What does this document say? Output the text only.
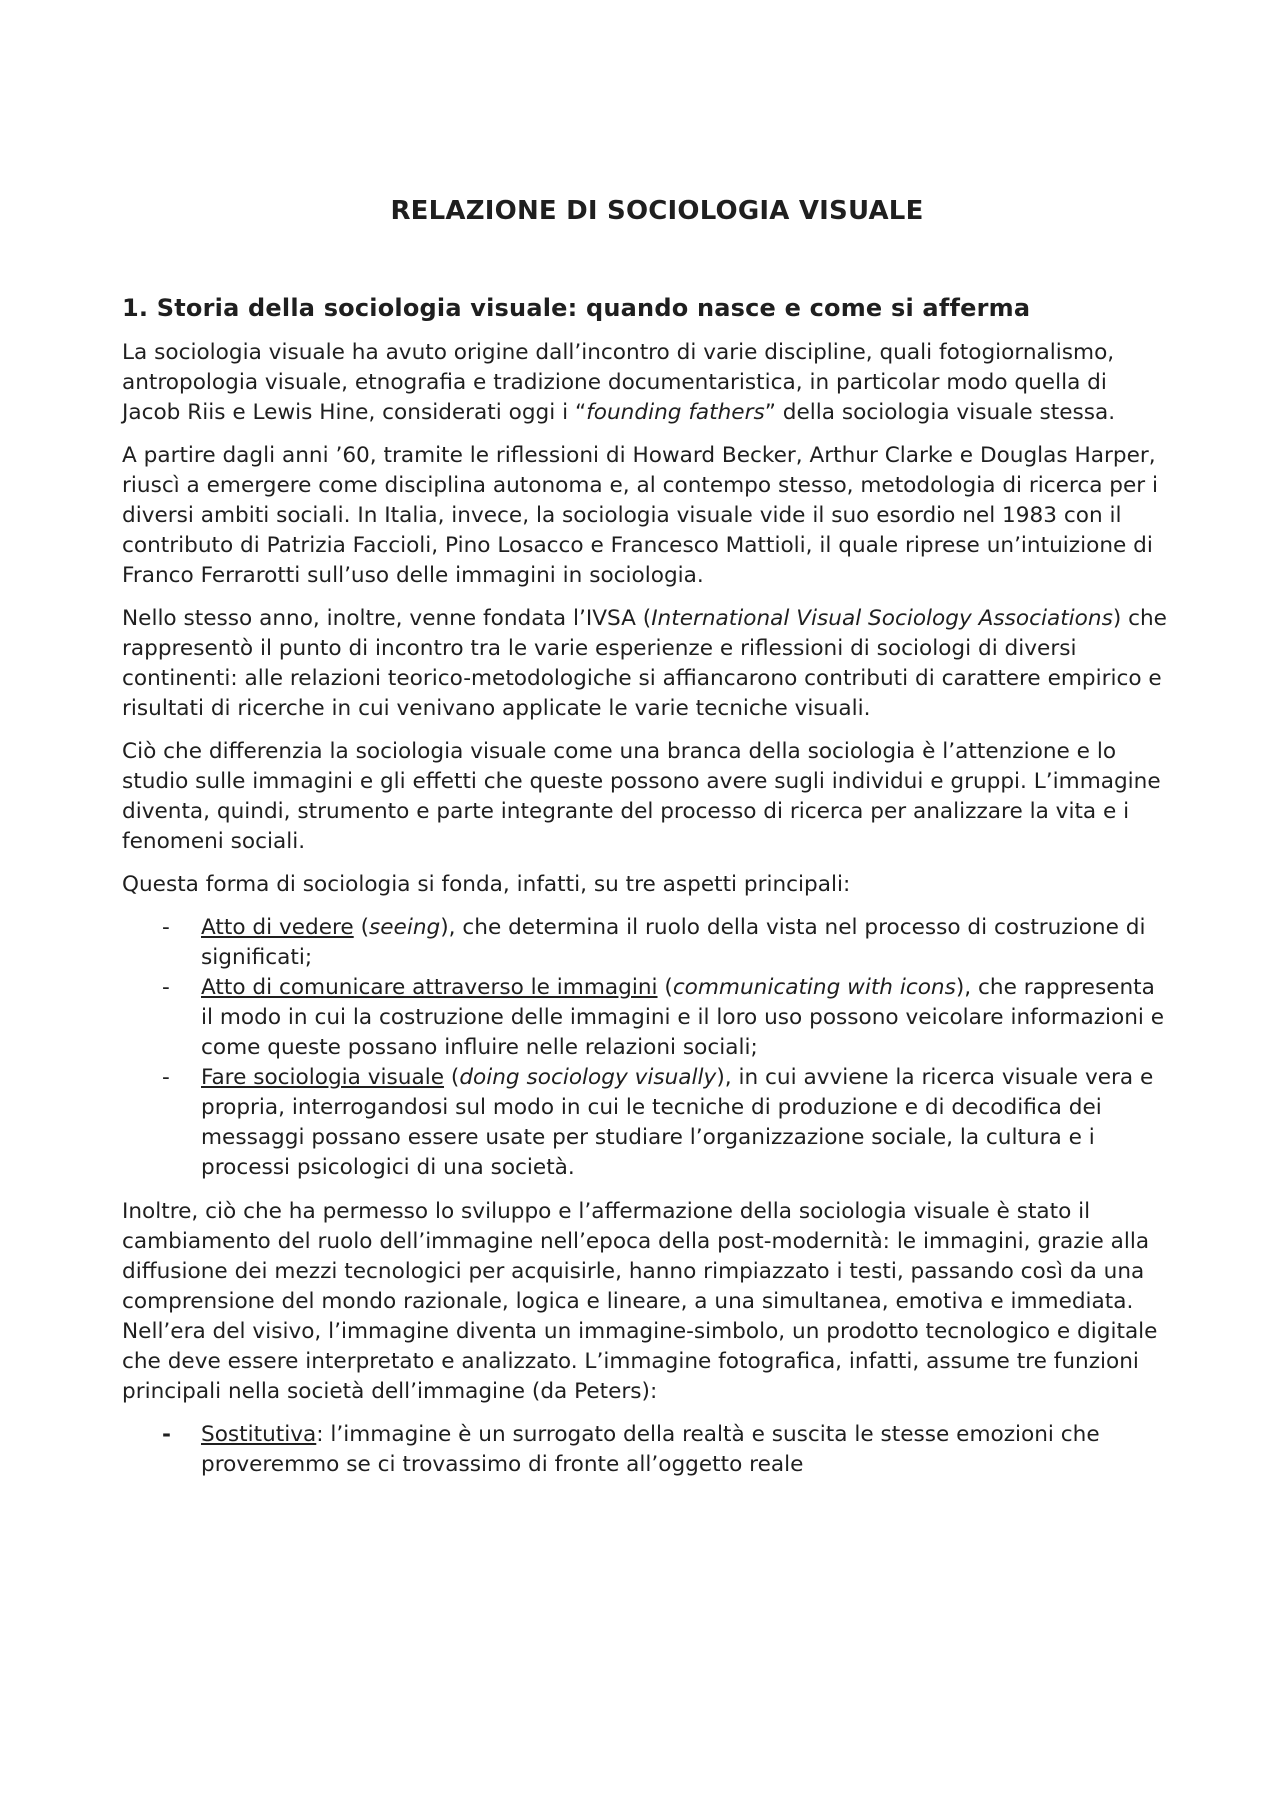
RELAZIONE DI SOCIOLOGIA VISUALE
1. Storia della sociologia visuale: quando nasce e come si afferma

La sociologia visuale ha avuto origine dall’incontro di varie discipline, quali fotogiornalismo, antropologia visuale, etnografia e tradizione documentaristica, in particolar modo quella di Jacob Riis e Lewis Hine, considerati oggi i “founding fathers” della sociologia visuale stessa.

A partire dagli anni ’60, tramite le riflessioni di Howard Becker, Arthur Clarke e Douglas Harper, riuscì a emergere come disciplina autonoma e, al contempo stesso, metodologia di ricerca per i diversi ambiti sociali. In Italia, invece, la sociologia visuale vide il suo esordio nel 1983 con il contributo di Patrizia Faccioli, Pino Losacco e Francesco Mattioli, il quale riprese un’intuizione di Franco Ferrarotti sull’uso delle immagini in sociologia.

Nello stesso anno, inoltre, venne fondata l’IVSA (International Visual Sociology Associations) che rappresentò il punto di incontro tra le varie esperienze e riflessioni di sociologi di diversi continenti: alle relazioni teorico-metodologiche si affiancarono contributi di carattere empirico e risultati di ricerche in cui venivano applicate le varie tecniche visuali.

Ciò che differenzia la sociologia visuale come una branca della sociologia è l’attenzione e lo studio sulle immagini e gli effetti che queste possono avere sugli individui e gruppi. L’immagine diventa, quindi, strumento e parte integrante del processo di ricerca per analizzare la vita e i fenomeni sociali.

Questa forma di sociologia si fonda, infatti, su tre aspetti principali:

- Atto di vedere (seeing), che determina il ruolo della vista nel processo di costruzione di significati;
- Atto di comunicare attraverso le immagini (communicating with icons), che rappresenta il modo in cui la costruzione delle immagini e il loro uso possono veicolare informazioni e come queste possano influire nelle relazioni sociali;
- Fare sociologia visuale (doing sociology visually), in cui avviene la ricerca visuale vera e propria, interrogandosi sul modo in cui le tecniche di produzione e di decodifica dei messaggi possano essere usate per studiare l’organizzazione sociale, la cultura e i processi psicologici di una società.

Inoltre, ciò che ha permesso lo sviluppo e l’affermazione della sociologia visuale è stato il cambiamento del ruolo dell’immagine nell’epoca della post-modernità: le immagini, grazie alla diffusione dei mezzi tecnologici per acquisirle, hanno rimpiazzato i testi, passando così da una comprensione del mondo razionale, logica e lineare, a una simultanea, emotiva e immediata. Nell’era del visivo, l’immagine diventa un immagine-simbolo, un prodotto tecnologico e digitale che deve essere interpretato e analizzato. L’immagine fotografica, infatti, assume tre funzioni principali nella società dell’immagine (da Peters):

- Sostitutiva: l’immagine è un surrogato della realtà e suscita le stesse emozioni che proveremmo se ci trovassimo di fronte all’oggetto reale
